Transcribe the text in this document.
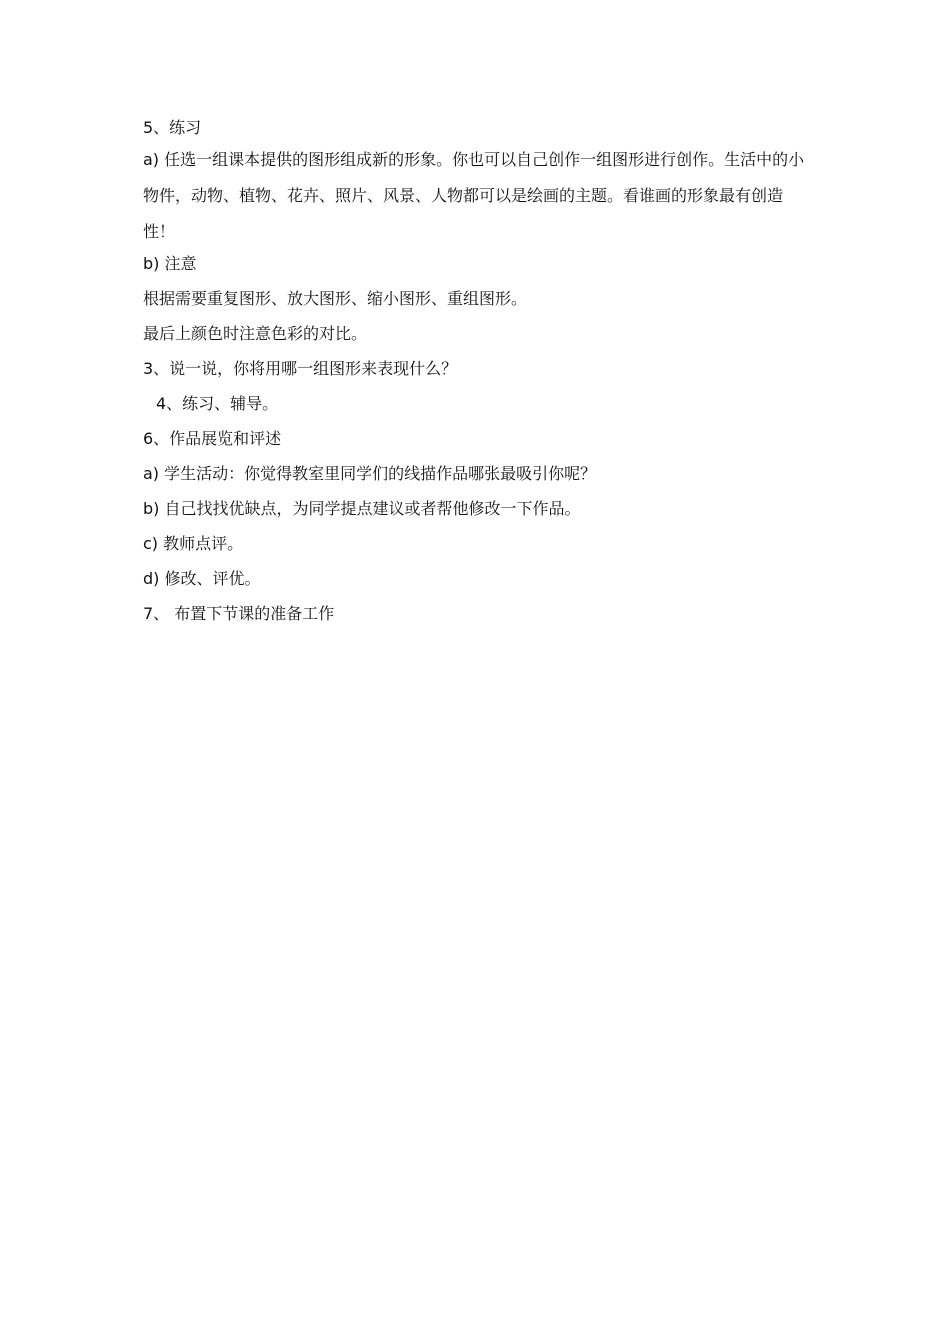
5、练习
a) 任选一组课本提供的图形组成新的形象。你也可以自己创作一组图形进行创作。生活中的小物件，动物、植物、花卉、照片、风景、人物都可以是绘画的主题。看谁画的形象最有创造性！
b) 注意
根据需要重复图形、放大图形、缩小图形、重组图形。
最后上颜色时注意色彩的对比。
3、说一说，你将用哪一组图形来表现什么？
4、练习、辅导。
6、作品展览和评述
a) 学生活动：你觉得教室里同学们的线描作品哪张最吸引你呢？
b) 自己找找优缺点，为同学提点建议或者帮他修改一下作品。
c) 教师点评。
d) 修改、评优。
7、 布置下节课的准备工作
